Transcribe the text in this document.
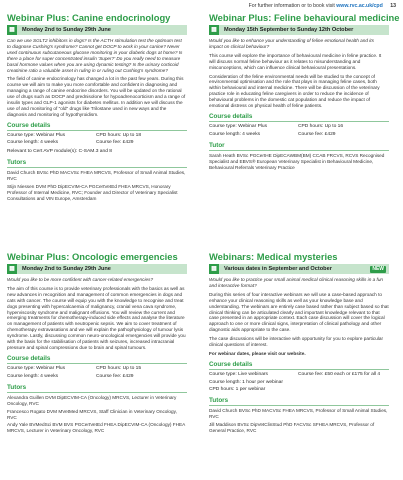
For further information or to book visit www.rvc.ac.uk/cpd 13
Webinar Plus: Canine endocrinology
▦	Monday 2nd to Sunday 29th June

Can we use SGLT2 inhibitors in dogs? Is the ACTH stimulation test the optimum test to diagnose Cushing's syndrome? Cannot get DOCP to work in your canine? Never used continuous subcutaneous glucose monitoring in your diabetic dogs at home? Is there a place for super concentrated insulin 'Super?' Do you really need to measure basal hormone values when you are using dynamic testing? Is the urinary corticoid creatinine ratio a valuable asset in ruling in or ruling out Cushing's syndrome?

The field of canine endocrinology has changed a lot in the past few years. During this course we will aim to make you more comfortable and confident in diagnosing and managing a range of canine endocrine disorders. You will be updated on the rational use of drugs such as DOCP and prednisolone for hypoadrenocorticism and a range of insulin types and GLP-1 agonists for diabetes mellitus. In addition we will discuss the use of and monitoring of "old" drugs like Trilostane used in new ways and the diagnosis and monitoring of hypothyroidism.

Course details
Course type: Webinar Plus	CPD hours: Up to 18
Course length: 4 weeks	Course fee: £429
Relevant to Cert AVP module(s): C-SAM.3 and 8
Tutors

David Church BVSc PhD MACVSc FHEA MRCVS, Professor of Small Animal Studies, RVC

Stijn Niessen DVM PhD DipECVIM-CA PGCertVetEd FHEA MRCVS, Honorary Professor of Internal Medicine, RVC; Founder and Director of Veterinary Specialist Consultations and VIN Europe, Amsterdam

Webinar Plus: Feline behavioural medicine
▦	Monday 15th September to Sunday 12th October

Would you like to enhance your understanding of feline emotional health and its impact on clinical behaviour?

This course will explore the importance of behavioural medicine in feline practice. It will discuss normal feline behaviour as it relates to misunderstanding and misconceptions, which can influence clinical behavioural presentations.

Consideration of the feline environmental needs will be studied to the concept of environmental optimisation and the role that plays in managing feline cases, both within behavioural and internal medicine. There will be discussion of the veterinary practice role in educating feline caregivers in order to reduce the incidence of behavioural problems in the domestic cat population and reduce the impact of emotional distress on physical health of feline patients.

Course details
Course type: Webinar Plus	CPD hours: Up to 16
Course length: 4 weeks	Course fee: £429
Tutor

Sarah Heath BVSc PGCertHE DipECAWBM(BM) CCAB FRCVS, RCVS Recognised Specialist and EBVS® European Veterinary Specialist in Behavioural Medicine, Behavioural Referrals Veterinary Practice

Webinar Plus: Oncologic emergencies
▦	Monday 2nd to Sunday 29th June

Would you like to be more confident with cancer-related emergencies?

The aim of this course is to provide veterinary professionals with the basics as well as new advances in recognition and management of common emergencies in dogs and cats with cancer. The course will equip you with the knowledge to recognise and treat dogs presenting with hypercalcaemia of malignancy, cranial vena cava syndrome, hyperviscosity syndrome and malignant effusions. You will review the current and emerging treatments for chemotherapy-induced side effects and analyse the literature on management of patients with neutropenic sepsis. We aim to cover treatment of chemotherapy extravasations and we will explain the pathophysiology of tumour lysis syndrome. Lastly, discussing common neuro-oncological emergencies will provide you with the basis for the stabilisation of patients with seizures, increased intracranial pressure and spinal compressions due to brain and spinal tumours.

Course details
Course type: Webinar Plus	CPD hours: Up to 15
Course length: 4 weeks	Course fee: £429
Tutors

Alexandra Guillen DVM DipECVIM-CA (Oncology) MRCVS, Lecturer in Veterinary Oncology, RVC

Francesco Rogato DVM MVetMed MRCVS, Staff Clinician in Veterinary Oncology, RVC

Andy Yale BVMedSci BVM BVS PGCertVetEd FHEA DipECVIM-CA (Oncology) FHEA MRCVS, Lecturer in Veterinary Oncology, RVC

Webinars: Medical mysteries
▦	Various dates in September and October	NEW

Would you like to practice your small animal medical clinical reasoning skills in a fun and interactive format?

During this series of four interactive webinars we will use a case-based approach to enhance your clinical reasoning skills as well as your knowledge base and understanding. The webinars are entirely case based rather than subject based so that clinical thinking can be articulated clearly and important knowledge relevant to that case presented in an appropriate context. Each case discussion will cover the logical approach to one or more clinical signs, interpretation of clinical pathology and other diagnostic aids appropriate to the case.

The case discussions will be interactive with opportunity for you to explore particular clinical questions of interest.

For webinar dates, please visit our website.

Course details
Course type: Live webinars	Course fee: £50 each or £175 for all 4
Course length: 1 hour per webinar
CPD hours: 1 per webinar
Tutors

David Church BVSc PhD MACVSc FHEA MRCVS, Professor of Small Animal Studies, RVC

Jill Maddison BVSc DipVetClinStud PhD FACVSc SFHEA MRCVS, Professor of General Practice, RVC
